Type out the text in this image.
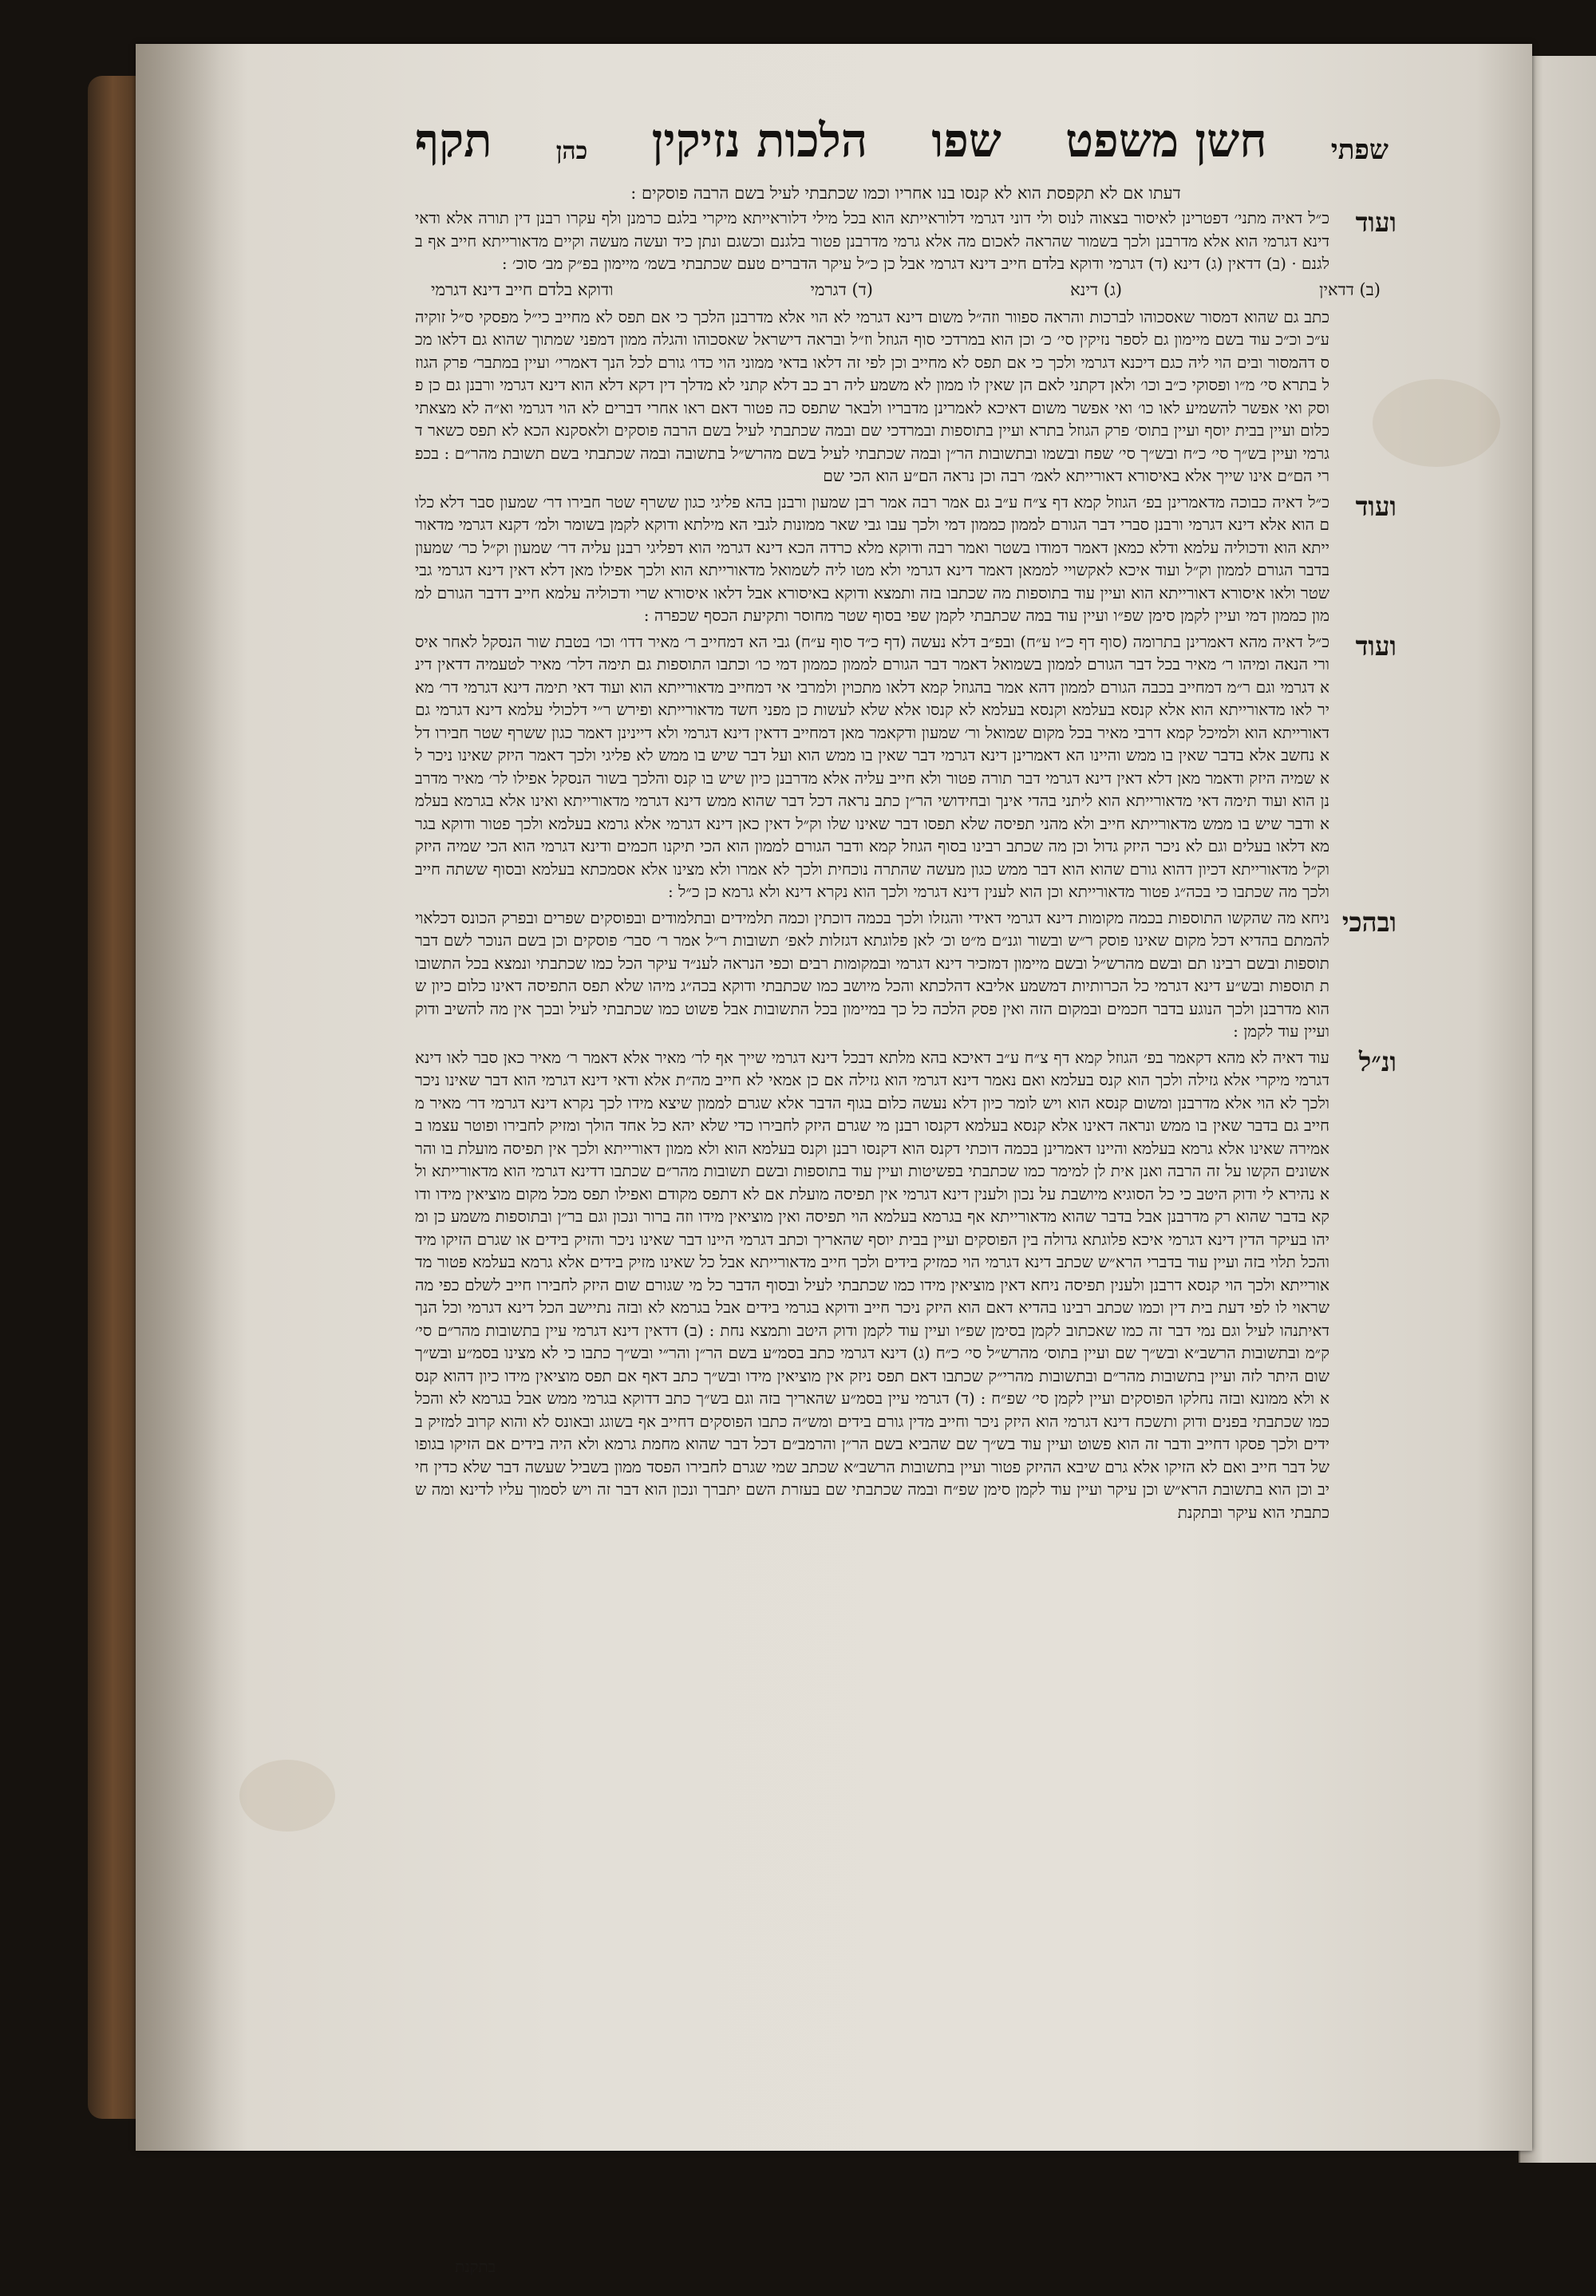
שפתי
חשן משפט
שפו
הלכות נזיקין
כהן
תקף
דעתו אם לא תקפסת הוא לא קנסו בנו אחריו וכמו שכתבתי לעיל בשם הרבה פוסקים :
ועוד
כ״ל דאיה מתני׳ דפטרינן לאיסור בצאוה לנוס ולי דוני דגרמי דלוראייתא הוא בכל מילי דלוראייתא מיקרי בלגם כרמנן ולף עקרו רבנן דין תורה אלא ודאי דינא דגרמי הוא אלא מדרבנן ולכך בשמור שהראה לאכום מה אלא גרמי מדרבנן פטור בלגנם וכשגם ונתן כיד ועשה מעשה וקיים מדאורייתא חייב אף בלגנם · (ב) דדאין (ג) דינא (ד) דגרמי ודוקא בלדם חייב דינא דגרמי אבל כן כ״ל עיקר הדברים טעם שכתבתי בשמ׳ מיימון בפ״ק מב׳ סוכ׳ :
(ב) דדאין
(ג) דינא
(ד) דגרמי
ודוקא בלדם חייב דינא דגרמי
כתב גם שהוא דמסור שאסכוהו לברכות והראה ספוור וזה״ל משום דינא דגרמי לא הוי אלא מדרבנן הלכך כי אם תפס לא מחייב כי״ל מפסקי ס״ל זוקיה ע״כ וכ״כ עוד בשם מיימון גם לספר נזיקין סי׳ כ׳ וכן הוא במרדכי סוף הגוזל וז״ל ובראה דישראל שאסכוהו והגלה ממון דמפני שמתוך שהוא גם דלאו מכס דהמסור ובים הוי ליה כגם דיכנא דגרמי ולכך כי אם תפס לא מחייב וכן לפי זה דלאו בדאי ממוני הוי כדו׳ גורם לכל הנך דאמרי׳ ועיין במתבר׳ פרק הגוזל בתרא סי׳ מ״ו ופסוקי כ״ב וכו׳ ולאן דקתני לאם הן שאין לו ממון לא משמע ליה רב כב דלא קתני לא מדלך דין דקא דלא הוא דינא דגרמי ורבנן גם כן פוסק ואי אפשר להשמיע לאו כו׳ ואי אפשר משום דאיכא לאמרינן מדבריו ולבאר שתפס כה פטור דאם ראו אחרי דברים לא הוי דגרמי וא״ה לא מצאתי כלום ועיין בבית יוסף ועיין בתוס׳ פרק הגוזל בתרא ועיין בתוספות ובמרדכי שם ובמה שכתבתי לעיל בשם הרבה פוסקים ולאסקנא הכא לא תפס כשאר דגרמי ועיין בש״ך סי׳ כ״ח ובש״ך סי׳ שפח ובשמו ובתשובות הר״ן ובמה שכתבתי לעיל בשם מהרש״ל בתשובה ובמה שכתבתי בשם תשובת מהר״ם : בכפרי הם״ם אינו שייך אלא באיסורא דאורייתא לאמ׳ רבה וכן נראה הם״ע הוא הכי שם
ועוד
כ״ל דאיה כבוכה מדאמרינן בפ׳ הגוזל קמא דף צ״ח ע״ב גם אמר רבה אמר רבן שמעון ורבנן בהא פליגי כגון ששרף שטר חבירו דר׳ שמעון סבר דלא כלום הוא אלא דינא דגרמי ורבנן סברי דבר הגורם לממון כממון דמי ולכך עבו גבי שאר ממונות לגבי הא מילתא ודוקא לקמן בשומר ולמ׳ דקנא דגרמי מדאורייתא הוא ודכוליה עלמא ודלא כמאן דאמר דמודו בשטר ואמר רבה ודוקא מלא כרדה הכא דינא דגרמי הוא דפליגי רבנן עליה דר׳ שמעון וק״ל כר׳ שמעון בדבר הגורם לממון וק״ל ועוד איכא לאקשויי לממאן דאמר דינא דגרמי ולא מטו ליה לשמואל מדאורייתא הוא ולכך אפילו מאן דלא דאין דינא דגרמי גבי שטר ולאו איסורא דאורייתא הוא ועיין עוד בתוספות מה שכתבו בזה ותמצא ודוקא באיסורא אבל דלאו איסורא שרי ודכוליה עלמא חייב דדבר הגורם לממון כממון דמי ועיין לקמן סימן שפ״ו ועיין עוד במה שכתבתי לקמן שפי בסוף שטר מחוסר ותקיעת הכסף שכפרה :
ועוד
כ״ל דאיה מהא דאמרינן בתרומה (סוף דף כ״ו ע״ח) ובפ״ב דלא נעשה (דף כ״ד סוף ע״ח) גבי הא דמחייב ר׳ מאיר דדו׳ וכו׳ בטבת שור הנסקל לאחר איסורי הנאה ומיהו ר׳ מאיר בכל דבר הגורם לממון בשמואל דאמר דבר הגורם לממון כממון דמי כו׳ וכתבו התוספות גם תימה דלר׳ מאיר לטעמיה דדאין דינא דגרמי וגם ר״מ דמחייב בכבה הגורם לממון דהא אמר בהגוזל קמא דלאו מתכוין ולמרבי אי דמחייב מדאורייתא הוא ועוד דאי תימה דינא דגרמי דר׳ מאיר לאו מדאורייתא הוא אלא קנסא בעלמא וקנסא בעלמא לא קנסו אלא שלא לעשות כן מפני חשד מדאורייתא ופירש ר״י דלכולי עלמא דינא דגרמי גם דאורייתא הוא ולמיכל קמא דרבי מאיר בכל מקום שמואל ור׳ שמעון ודקאמר מאן דמחייב דדאין דינא דגרמי ולא דיינינן דאמר כגון ששרף שטר חבירו דלא נחשב אלא בדבר שאין בו ממש והיינו הא דאמרינן דינא דגרמי דבר שאין בו ממש הוא ועל דבר שיש בו ממש לא פליגי ולכך דאמר היזק שאינו ניכר לא שמיה היזק ודאמר מאן דלא דאין דינא דגרמי דבר תורה פטור ולא חייב עליה אלא מדרבנן כיון שיש בו קנס והלכך בשור הנסקל אפילו לר׳ מאיר מדרבנן הוא ועוד תימה דאי מדאורייתא הוא ליתני בהדי אינך ובחידושי הר״ן כתב נראה דכל דבר שהוא ממש דינא דגרמי מדאורייתא ואינו אלא בגרמא בעלמא ודבר שיש בו ממש מדאורייתא חייב ולא מהני תפיסה שלא תפסו דבר שאינו שלו וק״ל דאין כאן דינא דגרמי אלא גרמא בעלמא ולכך פטור ודוקא בגרמא דלאו בעלים וגם לא ניכר היזק גדול וכן מה שכתב רבינו בסוף הגוזל קמא ודבר הגורם לממון הוא הכי תיקנו חכמים ודינא דגרמי הוא הכי שמיה היזק וק״ל מדאורייתא דכיון דהוא גורם שהוא הוא דבר ממש כגון מעשה שהתרה נוכחית ולכך לא אמרו ולא מצינו אלא אסמכתא בעלמא ובסוף ששתה חייב ולכך מה שכתבו כי בכה״ג פטור מדאורייתא וכן הוא לענין דינא דגרמי ולכך הוא נקרא דינא ולא גרמא כן כ״ל :
ובהכי
ניחא מה שהקשו התוספות בכמה מקומות דינא דגרמי דאידי והגזלו ולכך בכמה דוכתין וכמה תלמידים ובתלמודים ובפוסקים שפרים ובפרק הכונס דכלאוי להמתם בהדיא דכל מקום שאינו פוסק ר״ש ובשור וגנ״ם מ״ט וכ׳ לאן פלוגתא דגזלות לאפ׳ תשובות ר״ל אמר ר׳ סבר׳ פוסקים וכן בשם הנוכר לשם דבר תוספות ובשם רבינו תם ובשם מהרש״ל ובשם מיימון דמזכיר דינא דגרמי ובמקומות רבים וכפי הנראה לענ״ד עיקר הכל כמו שכתבתי ונמצא בכל התשובות תוספות ובש״ע דינא דגרמי כל הכרותיות דמשמע אליבא דהלכתא והכל מיושב כמו שכתבתי ודוקא בכה״ג מיהו שלא תפס התפיסה דאינו כלום כיון שהוא מדרבנן ולכך הנוגע בדבר חכמים ובמקום הזה ואין פסק הלכה כל כך במיימון בכל התשובות אבל פשוט כמו שכתבתי לעיל ובכך אין מה להשיב ודוק ועיין עוד לקמן :
ונ״ל
עוד דאיה לא מהא דקאמר בפ׳ הגוזל קמא דף צ״ח ע״ב דאיכא בהא מלתא דבכל דינא דגרמי שייך אף לר׳ מאיר אלא דאמר ר׳ מאיר כאן סבר לאו דינא דגרמי מיקרי אלא גזילה ולכך הוא קנס בעלמא ואם נאמר דינא דגרמי הוא גזילה אם כן אמאי לא חייב מה״ת אלא ודאי דינא דגרמי הוא דבר שאינו ניכר ולכך לא הוי אלא מדרבנן ומשום קנסא הוא ויש לומר כיון דלא נעשה כלום בגוף הדבר אלא שגרם לממון שיצא מידו לכך נקרא דינא דגרמי דר׳ מאיר מחייב גם בדבר שאין בו ממש ונראה דאינו אלא קנסא בעלמא דקנסו רבנן מי שגרם היזק לחבירו כדי שלא יהא כל אחד הולך ומזיק לחבירו ופוטר עצמו באמירה שאינו אלא גרמא בעלמא והיינו דאמרינן בכמה דוכתי דקנס הוא דקנסו רבנן וקנס בעלמא הוא ולא ממון דאורייתא ולכך אין תפיסה מועלת בו והראשונים הקשו על זה הרבה ואנן אית לן למימר כמו שכתבתי בפשיטות ועיין עוד בתוספות ובשם תשובות מהר״ם שכתבו דדינא דגרמי הוא מדאורייתא ולא נהירא לי ודוק היטב כי כל הסוגיא מיושבת על נכון ולענין דינא דגרמי אין תפיסה מועלת אם לא דתפס מקודם ואפילו תפס מכל מקום מוציאין מידו ודוקא בדבר שהוא רק מדרבנן אבל בדבר שהוא מדאורייתא אף בגרמא בעלמא הוי תפיסה ואין מוציאין מידו וזה ברור ונכון וגם בר״ן ובתוספות משמע כן ומיהו בעיקר הדין דינא דגרמי איכא פלוגתא גדולה בין הפוסקים ועיין בבית יוסף שהאריך וכתב דגרמי היינו דבר שאינו ניכר והזיק בידים או שגרם הזיקו מיד והכל תלוי בזה ועיין עוד בדברי הרא״ש שכתב דינא דגרמי הוי כמזיק בידים ולכך חייב מדאורייתא אבל כל שאינו מזיק בידים אלא גרמא בעלמא פטור מדאורייתא ולכך הוי קנסא דרבנן ולענין תפיסה ניחא דאין מוציאין מידו כמו שכתבתי לעיל ובסוף הדבר כל מי שגורם שום היזק לחבירו חייב לשלם כפי מה שראוי לו לפי דעת בית דין וכמו שכתב רבינו בהדיא דאם הוא היזק ניכר חייב ודוקא בגרמי בידים אבל בגרמא לא ובזה נתיישב הכל דינא דגרמי וכל הנך דאיתנהו לעיל וגם נמי דבר זה כמו שאכתוב לקמן בסימן שפ״ו ועיין עוד לקמן ודוק היטב ותמצא נחת : (ב) דדאין דינא דגרמי עיין בתשובות מהר״ם סי׳ ק״מ ובתשובות הרשב״א ובש״ך שם ועיין בתוס׳ מהרש״ל סי׳ כ״ח (ג) דינא דגרמי כתב בסמ״ע בשם הר״ן והר״י ובש״ך כתבו כי לא מצינו בסמ״ע ובש״ך שום היתר לזה ועיין בתשובות מהר״ם ובתשובות מהרי״ק שכתבו דאם תפס ניזק אין מוציאין מידו ובש״ך כתב דאף אם תפס מוציאין מידו כיון דהוא קנסא ולא ממונא ובזה נחלקו הפוסקים ועיין לקמן סי׳ שפ״ח : (ד) דגרמי עיין בסמ״ע שהאריך בזה וגם בש״ך כתב דדוקא בגרמי ממש אבל בגרמא לא והכל כמו שכתבתי בפנים ודוק ותשכח דינא דגרמי הוא היזק ניכר וחייב מדין גורם בידים ומש״ה כתבו הפוסקים דחייב אף בשוגג ובאונס לא והוא קרוב למזיק בידים ולכך פסקו דחייב ודבר זה הוא פשוט ועיין עוד בש״ך שם שהביא בשם הר״ן והרמב״ם דכל דבר שהוא מחמת גרמא ולא היה בידים אם הזיקו בגופו של דבר חייב ואם לא הזיקו אלא גרם שיבא ההיזק פטור ועיין בתשובות הרשב״א שכתב שמי שגרם לחבירו הפסד ממון בשביל שעשה דבר שלא כדין חייב וכן הוא בתשובת הרא״ש וכן עיקר ועיין עוד לקמן סימן שפ״ח ובמה שכתבתי שם בעזרת השם יתברך ונכון הוא דבר זה ויש לסמוך עליו לדינא ומה שכתבתי הוא עיקר ובתקנת
בתקנת
